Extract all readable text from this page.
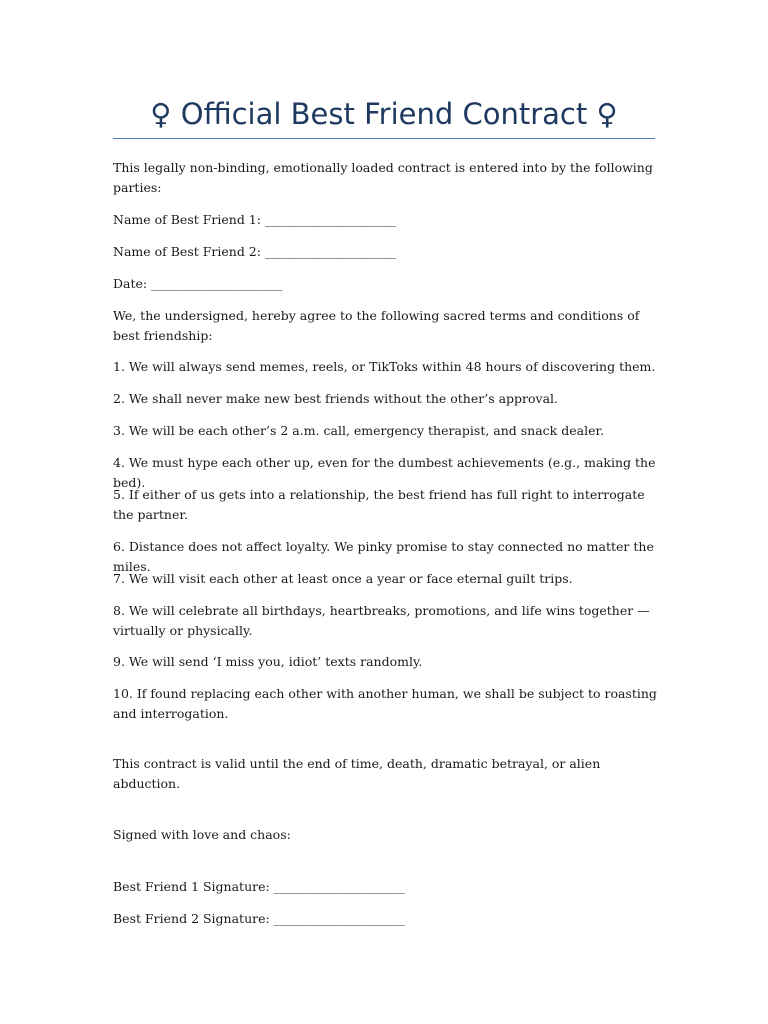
♀ Official Best Friend Contract ♀

This legally non-binding, emotionally loaded contract is entered into by the following parties:

Name of Best Friend 1: _____________________

Name of Best Friend 2: _____________________

Date: _____________________

We, the undersigned, hereby agree to the following sacred terms and conditions of best friendship:

1. We will always send memes, reels, or TikToks within 48 hours of discovering them.

2. We shall never make new best friends without the other’s approval.

3. We will be each other’s 2 a.m. call, emergency therapist, and snack dealer.

4. We must hype each other up, even for the dumbest achievements (e.g., making the bed).

5. If either of us gets into a relationship, the best friend has full right to interrogate the partner.

6. Distance does not affect loyalty. We pinky promise to stay connected no matter the miles.

7. We will visit each other at least once a year or face eternal guilt trips.

8. We will celebrate all birthdays, heartbreaks, promotions, and life wins together — virtually or physically.

9. We will send ‘I miss you, idiot’ texts randomly.

10. If found replacing each other with another human, we shall be subject to roasting and interrogation.

This contract is valid until the end of time, death, dramatic betrayal, or alien abduction.

Signed with love and chaos:

Best Friend 1 Signature: _____________________

Best Friend 2 Signature: _____________________
